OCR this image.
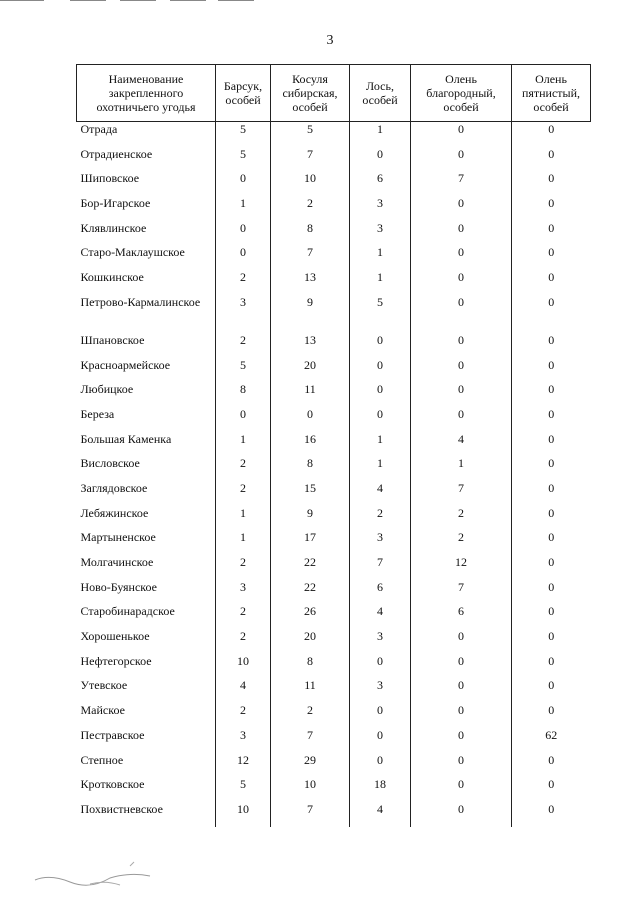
3
Наименование закрепленного охотничьего угодья	Барсук, особей	Косуля сибирская, особей	Лось, особей	Олень благородный, особей	Олень пятнистый, особей
Отрада	5	5	1	0	0
Отрадиенское	5	7	0	0	0
Шиповское	0	10	6	7	0
Бор-Игарское	1	2	3	0	0
Клявлинское	0	8	3	0	0
Старо-Маклаушское	0	7	1	0	0
Кошкинское	2	13	1	0	0
Петрово-Кармалинское	3	9	5	0	0
Шпановское	2	13	0	0	0
Красноармейское	5	20	0	0	0
Любицкое	8	11	0	0	0
Береза	0	0	0	0	0
Большая Каменка	1	16	1	4	0
Висловское	2	8	1	1	0
Заглядовское	2	15	4	7	0
Лебяжинское	1	9	2	2	0
Мартыненское	1	17	3	2	0
Молгачинское	2	22	7	12	0
Ново-Буянское	3	22	6	7	0
Старобинарадское	2	26	4	6	0
Хорошенькое	2	20	3	0	0
Нефтегорское	10	8	0	0	0
Утевское	4	11	3	0	0
Майское	2	2	0	0	0
Пестравское	3	7	0	0	62
Степное	12	29	0	0	0
Кротковское	5	10	18	0	0
Похвистневское	10	7	4	0	0
